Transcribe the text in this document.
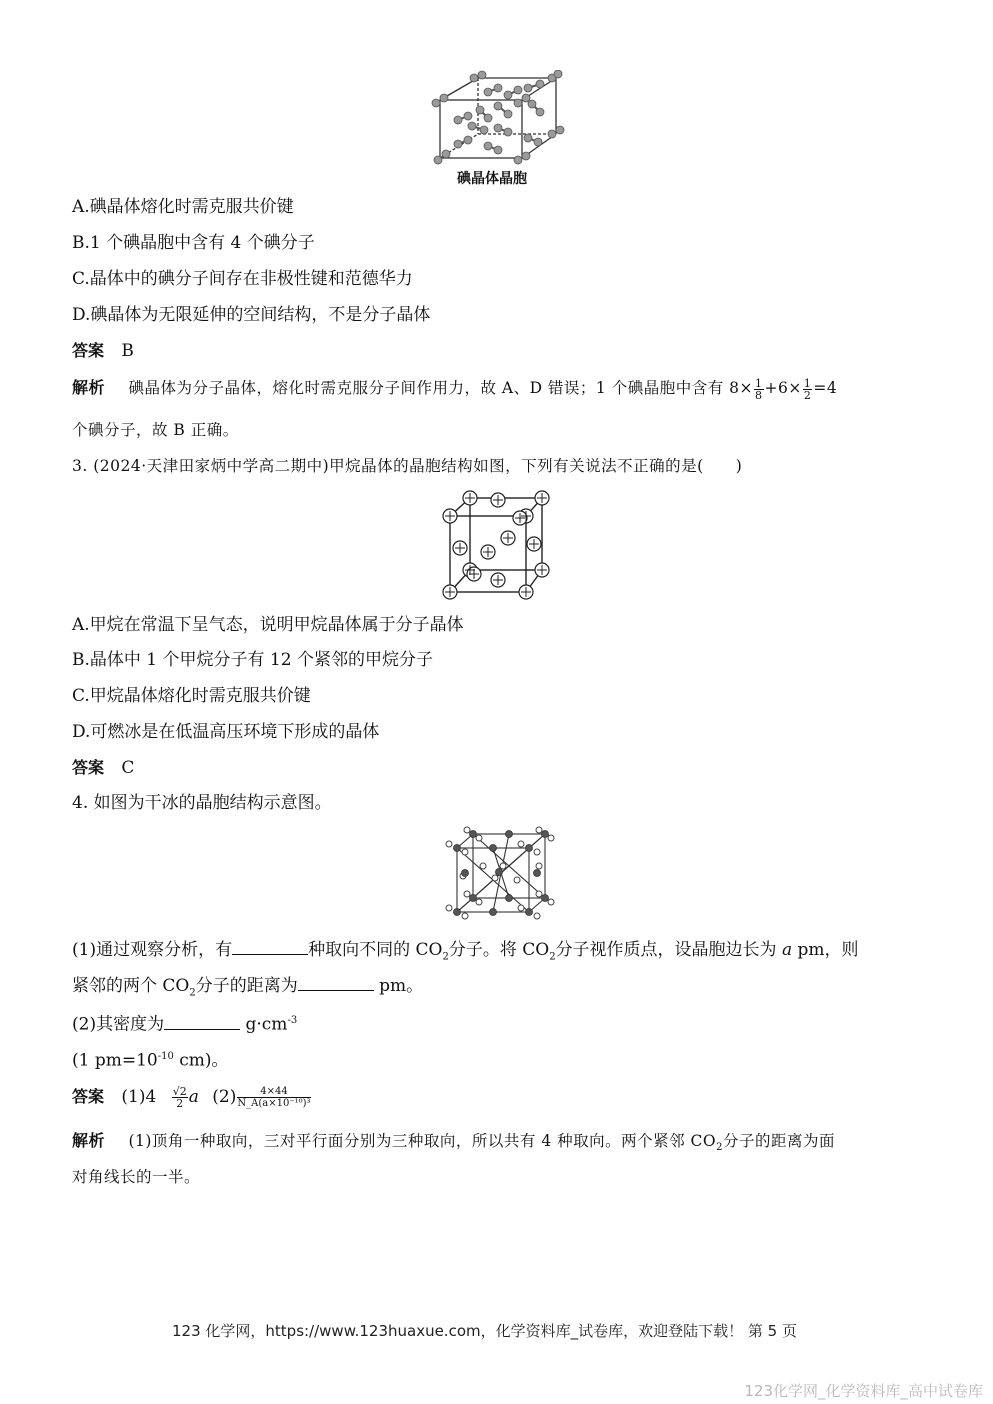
碘晶体晶胞
A.碘晶体熔化时需克服共价键
B.1 个碘晶胞中含有 4 个碘分子
C.晶体中的碘分子间存在非极性键和范德华力
D.碘晶体为无限延伸的空间结构，不是分子晶体
答案 B
解析 碘晶体为分子晶体，熔化时需克服分子间作用力，故 A、D 错误；1 个碘晶胞中含有 $8\times \frac{1}{8} +6\times \frac{1}{2} =4$
个碘分子，故 B 正确。
3. (2024·天津田家炳中学高二期中)甲烷晶体的晶胞结构如图，下列有关说法不正确的是(　　)
A.甲烷在常温下呈气态，说明甲烷晶体属于分子晶体
B.晶体中 1 个甲烷分子有 12 个紧邻的甲烷分子
C.甲烷晶体熔化时需克服共价键
D.可燃冰是在低温高压环境下形成的晶体
答案 C
4. 如图为干冰的晶胞结构示意图。
(1)通过观察分析，有	种取向不同的 $CO_2$分子。将 $CO_2$分子视作质点，设晶胞边长为 a pm，则
紧邻的两个 $CO_2$分子的距离为	pm。
(2)其密度为	$g\cdot cm^{-3}$
(1 $pm=10^{-10}$ cm)。
答案 $(1)4 \frac{√2}{2}$ a $(2) \frac{4\times 44}{\text{N\_A(a×10⁻¹⁰)³}}$
解析 (1)顶角一种取向，三对平行面分别为三种取向，所以共有 4 种取向。两个紧邻 $CO_2$分子的距离为面
对角线长的一半。
123 化学网，https://www.123huaxue.com，化学资料库_试卷库，欢迎登陆下载！ 第 5 页
123化学网_化学资料库_高中试卷库
